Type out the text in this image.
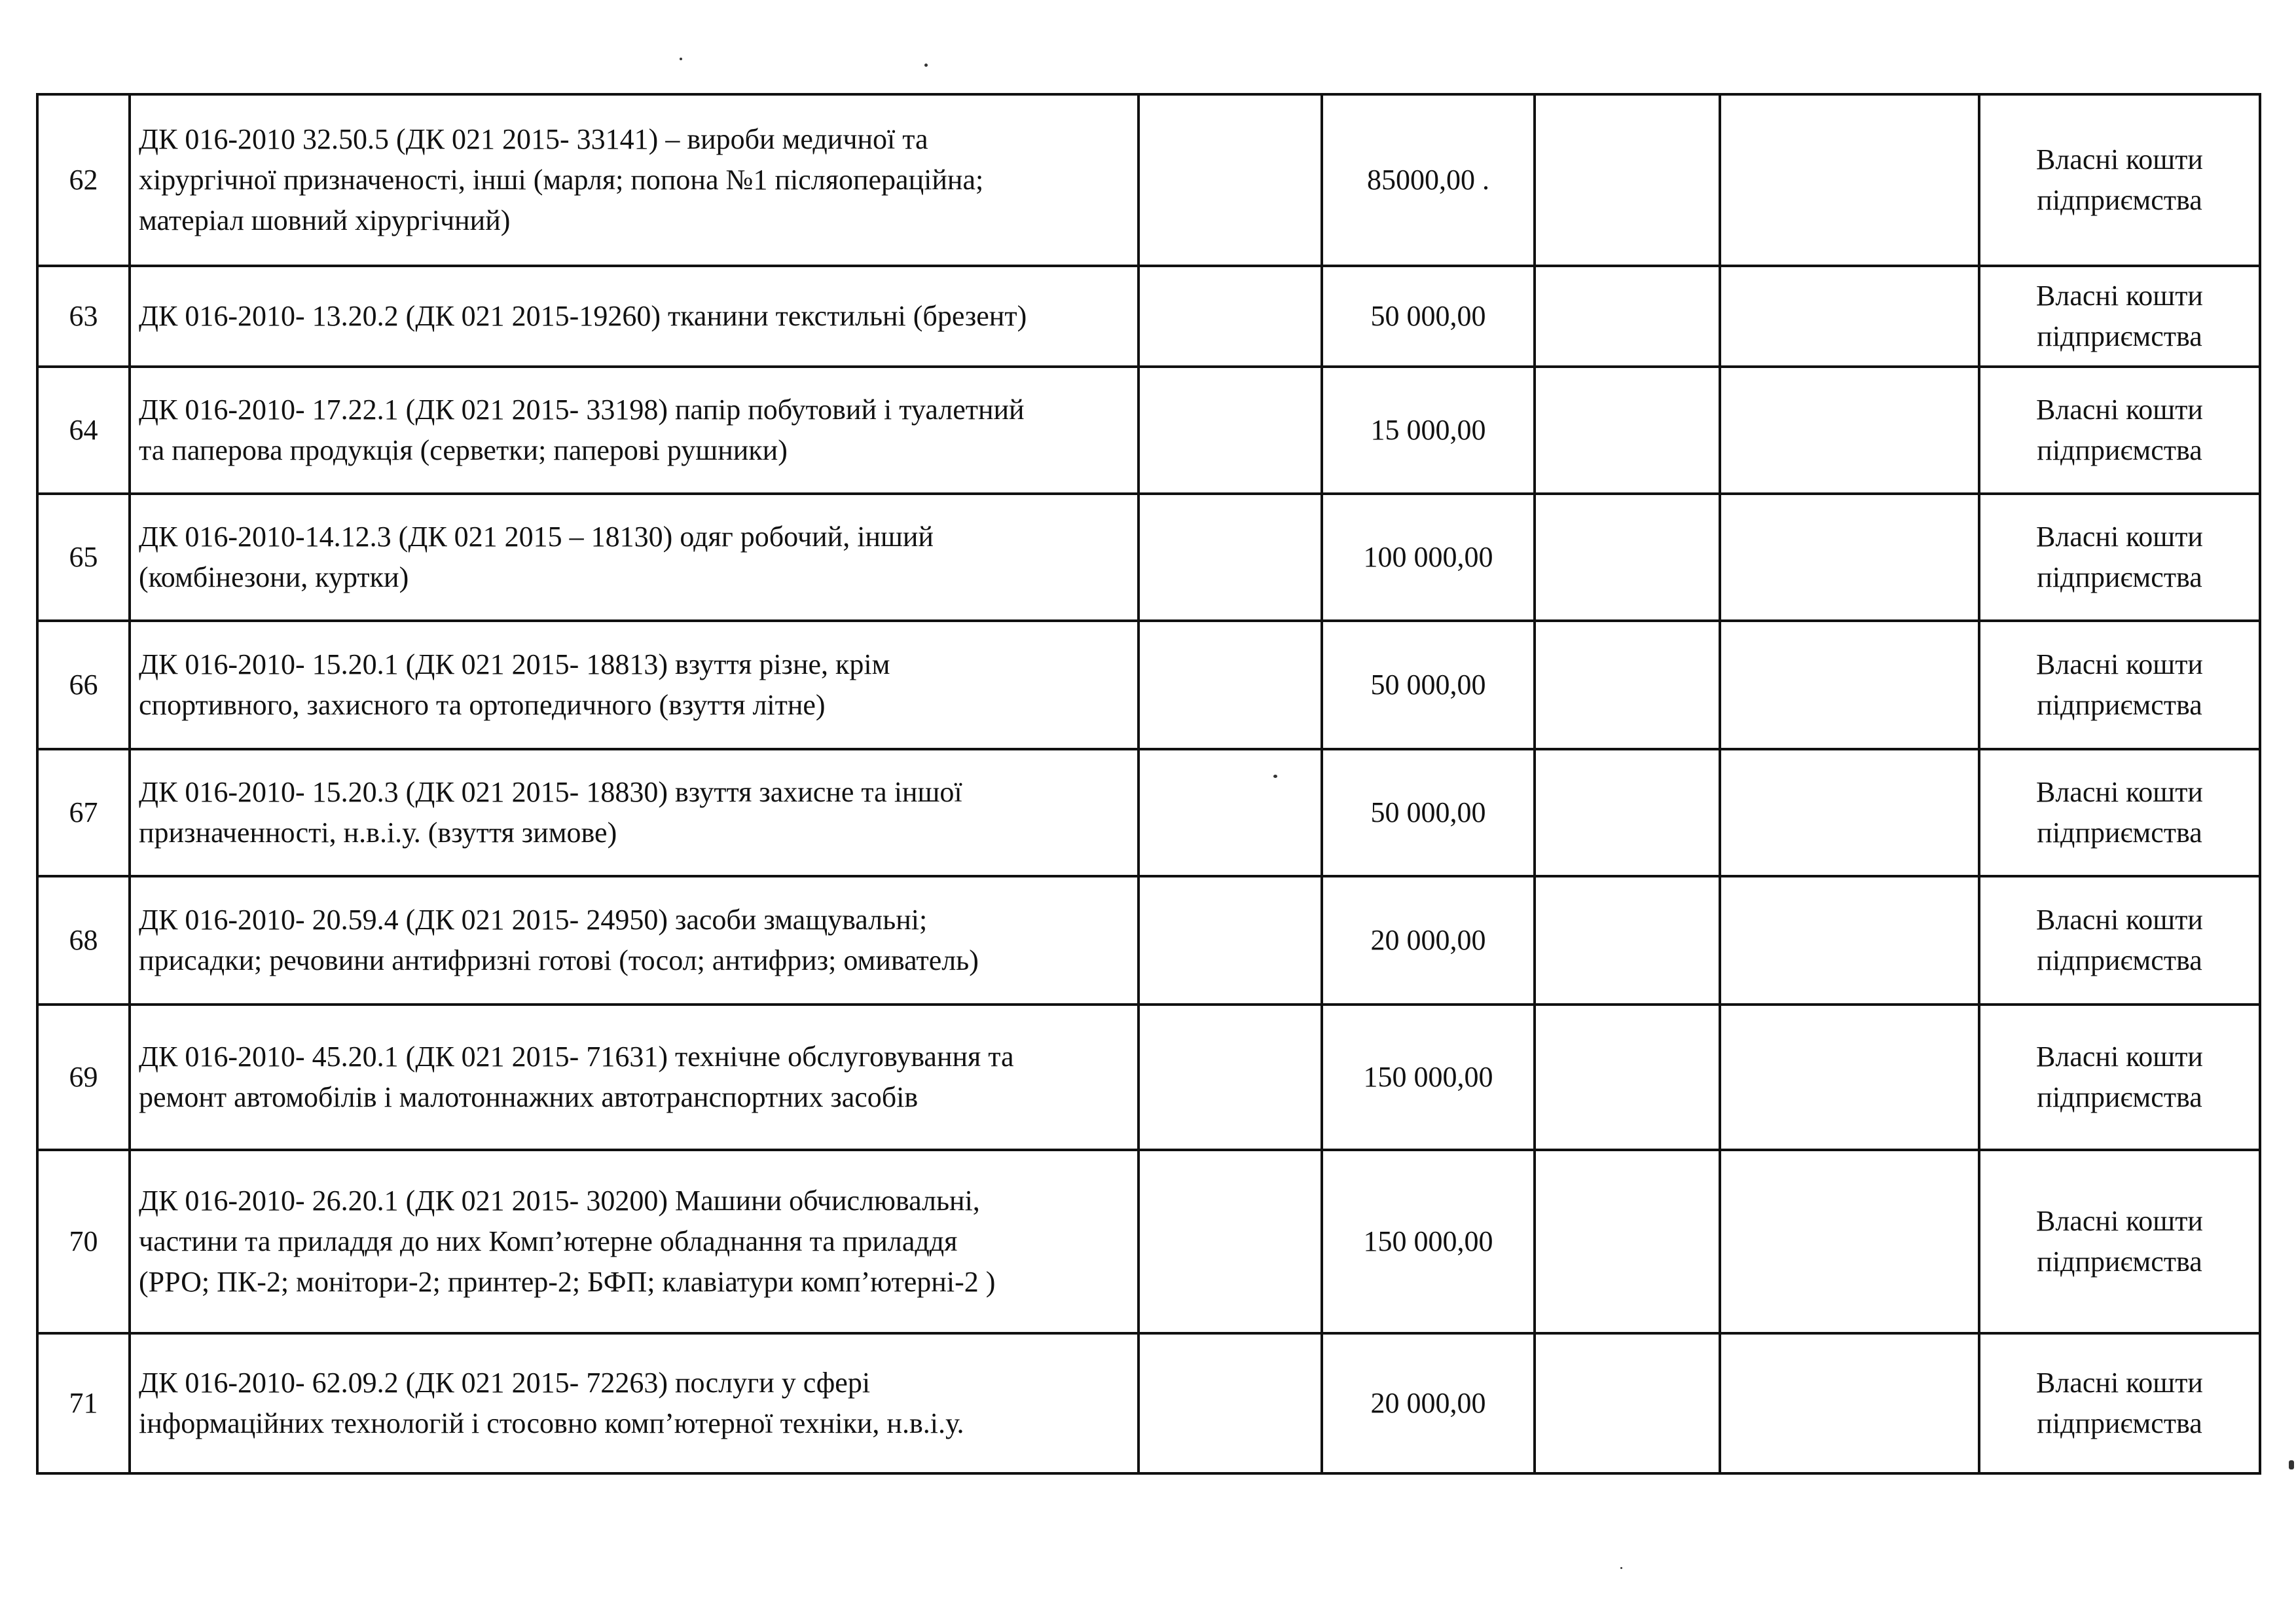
62	ДК 016-2010 32.50.5 (ДК 021 2015- 33141) – вироби медичної та
хірургічної призначеності, інші (марля; попона №1 післяопераційна;
матеріал шовний хірургічний)		85000,00 .			Власні кошти
підприємства

63	ДК 016-2010- 13.20.2 (ДК 021 2015-19260) тканини текстильні (брезент)		50 000,00			Власні кошти
підприємства

64	ДК 016-2010- 17.22.1 (ДК 021 2015- 33198) папір побутовий і туалетний
та паперова продукція (серветки; паперові рушники)		15 000,00			Власні кошти
підприємства

65	ДК 016-2010-14.12.3 (ДК 021 2015 – 18130) одяг робочий, інший
(комбінезони, куртки)		100 000,00			Власні кошти
підприємства

66	ДК 016-2010- 15.20.1 (ДК 021 2015- 18813) взуття різне, крім
спортивного, захисного та ортопедичного (взуття літне)		50 000,00			Власні кошти
підприємства

67	ДК 016-2010- 15.20.3 (ДК 021 2015- 18830) взуття захисне та іншої
призначенності, н.в.і.у. (взуття зимове)		50 000,00			Власні кошти
підприємства

68	ДК 016-2010- 20.59.4 (ДК 021 2015- 24950) засоби змащувальні;
присадки; речовини антифризні готові (тосол; антифриз; омиватель)		20 000,00			Власні кошти
підприємства

69	ДК 016-2010- 45.20.1 (ДК 021 2015- 71631) технічне обслуговування та
ремонт автомобілів і малотоннажних автотранспортних засобів		150 000,00			Власні кошти
підприємства

70	ДК 016-2010- 26.20.1 (ДК 021 2015- 30200) Машини обчислювальні,
частини та приладдя до них Комп’ютерне обладнання та приладдя
(РРО; ПК-2; монітори-2; принтер-2; БФП; клавіатури комп’ютерні-2 )		150 000,00			Власні кошти
підприємства

71	ДК 016-2010- 62.09.2 (ДК 021 2015- 72263) послуги у сфері
інформаційних технологій і стосовно комп’ютерної техніки, н.в.і.у.		20 000,00			Власні кошти
підприємства
